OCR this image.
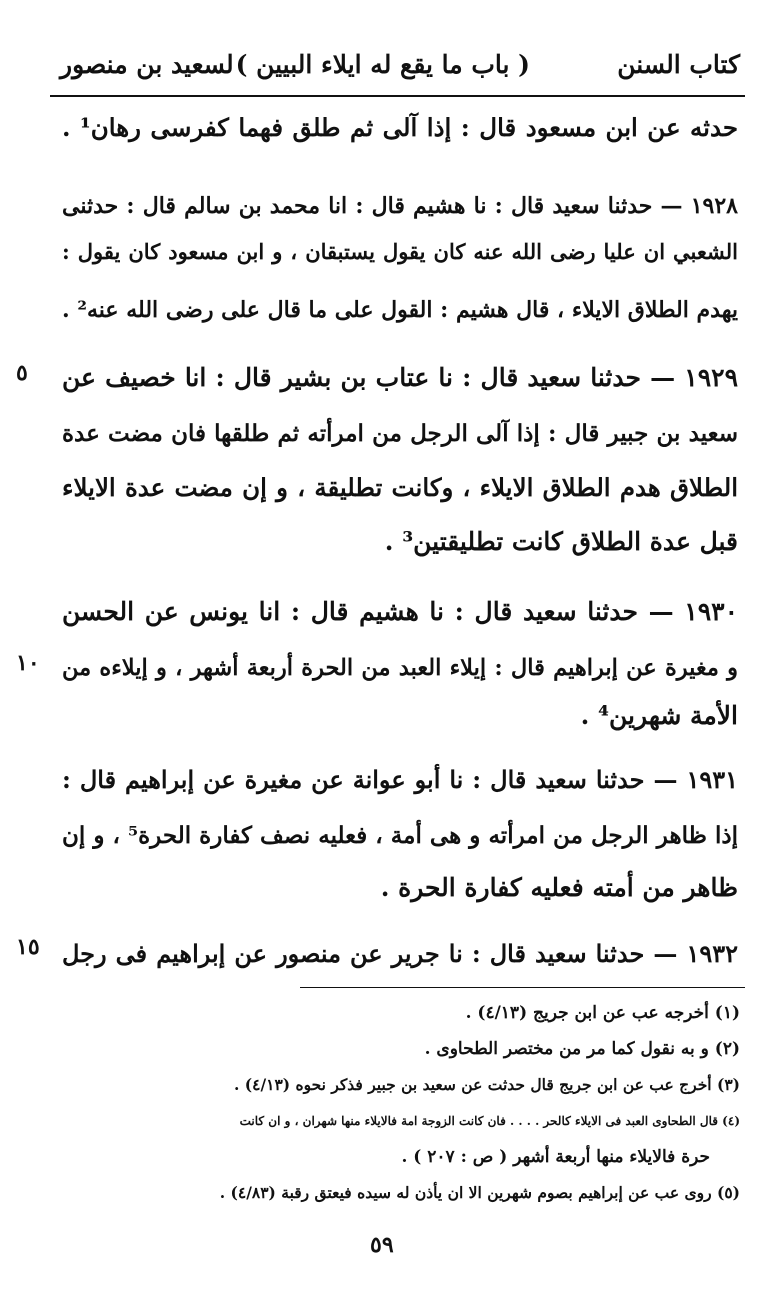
كتاب السنن
( باب ما يقع له ايلاء البيين )
لسعيد بن منصور
حدثه عن ابن مسعود قال : إذا آلى ثم طلق فهما كفرسى رهان¹ .
١٩٢٨ — حدثنا سعيد قال : نا هشيم قال : انا محمد بن سالم قال : حدثنى
الشعبي ان عليا رضى الله عنه كان يقول يستبقان ، و ابن مسعود كان يقول :
يهدم الطلاق الايلاء ، قال هشيم : القول على ما قال على رضى الله عنه² .
١٩٢٩ — حدثنا سعيد قال : نا عتاب بن بشير قال : انا خصيف عن
سعيد بن جبير قال : إذا آلى الرجل من امرأته ثم طلقها فان مضت عدة
الطلاق هدم الطلاق الايلاء ، وكانت تطليقة ، و إن مضت عدة الايلاء
قبل عدة الطلاق كانت تطليقتين³ .
١٩٣٠ — حدثنا سعيد قال : نا هشيم قال : انا يونس عن الحسن
و مغيرة عن إبراهيم قال : إيلاء العبد من الحرة أربعة أشهر ، و إيلاءه من
الأمة شهرين⁴ .
١٩٣١ — حدثنا سعيد قال : نا أبو عوانة عن مغيرة عن إبراهيم قال :
إذا ظاهر الرجل من امرأته و هى أمة ، فعليه نصف كفارة الحرة⁵ ، و إن
ظاهر من أمته فعليه كفارة الحرة .
١٩٣٢ — حدثنا سعيد قال : نا جرير عن منصور عن إبراهيم فى رجل
٥
١٠
١٥
(١) أخرجه عب عن ابن جريج (٤/١٣) .
(٢) و به نقول كما مر من مختصر الطحاوى .
(٣) أخرج عب عن ابن جريج قال حدثت عن سعيد بن جبير فذكر نحوه (٤/١٣) .
(٤) قال الطحاوى العبد فى الايلاء كالحر . . . . فان كانت الزوجة امة فالايلاء منها شهران ، و ان كانت
حرة فالايلاء منها أربعة أشهر ( ص : ٢٠٧ ) .
(٥) روى عب عن إبراهيم بصوم شهرين الا ان يأذن له سيده فيعتق رقبة (٤/٨٣) .
٥٩
